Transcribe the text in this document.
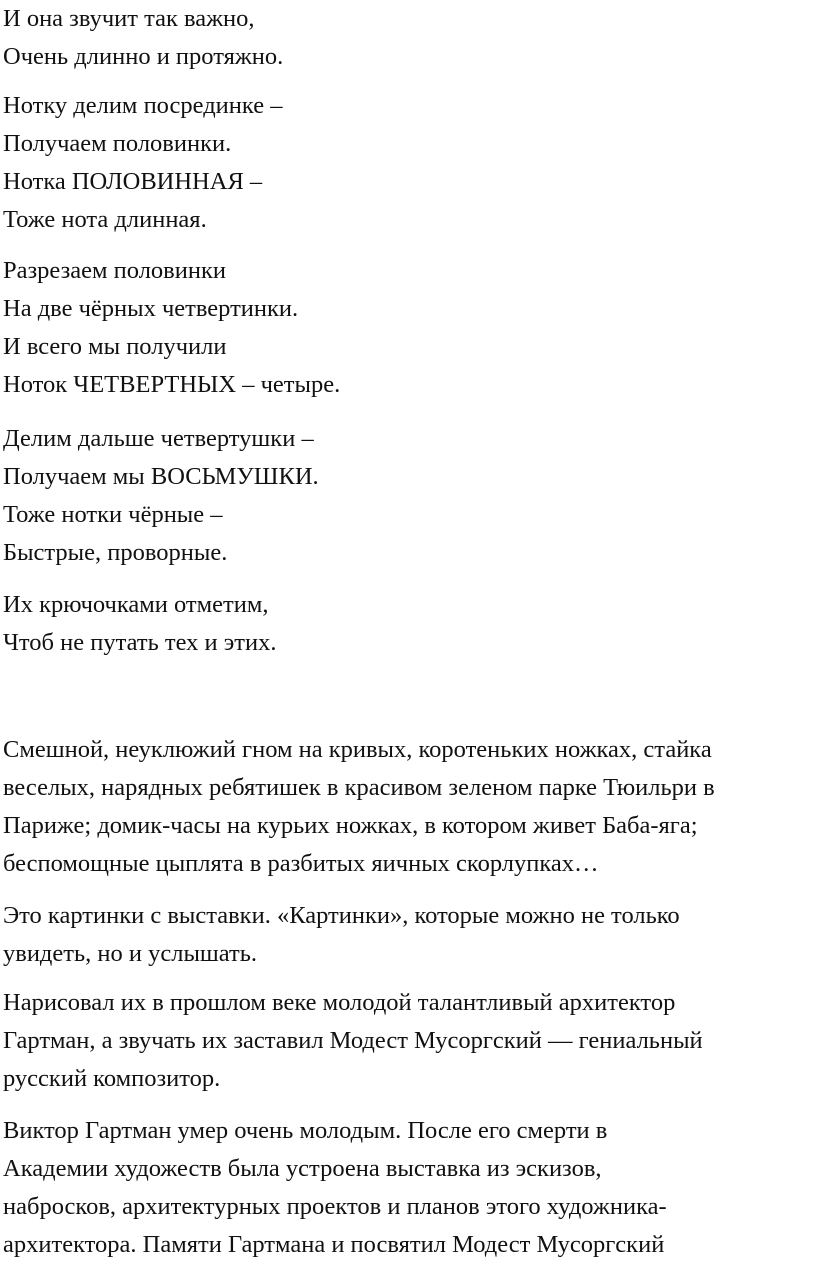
И она звучит так важно,
Очень длинно и протяжно.

Нотку делим посрединке –
Получаем половинки.
Нотка ПОЛОВИННАЯ –
Тоже нота длинная.

Разрезаем половинки
На две чёрных четвертинки.
И всего мы получили
Ноток ЧЕТВЕРТНЫХ – четыре.

Делим дальше четвертушки –
Получаем мы ВОСЬМУШКИ.
Тоже нотки чёрные –
Быстрые, проворные.

Их крючочками отметим,
Чтоб не путать тех и этих.

Смешной, неуклюжий гном на кривых, коротеньких ножках, стайка
веселых, нарядных ребятишек в красивом зеленом парке Тюильри в
Париже; домик-часы на курьих ножках, в котором живет Баба-яга;
беспомощные цыплята в разбитых яичных скорлупках…

Это картинки с выставки. «Картинки», которые можно не только
увидеть, но и услышать.

Нарисовал их в прошлом веке молодой талантливый архитектор
Гартман, а звучать их заставил Модест Мусоргский — гениальный
русский композитор.

Виктор Гартман умер очень молодым. После его смерти в
Академии художеств была устроена выставка из эскизов,
набросков, архитектурных проектов и планов этого художника-
архитектора. Памяти Гартмана и посвятил Модест Мусоргский
